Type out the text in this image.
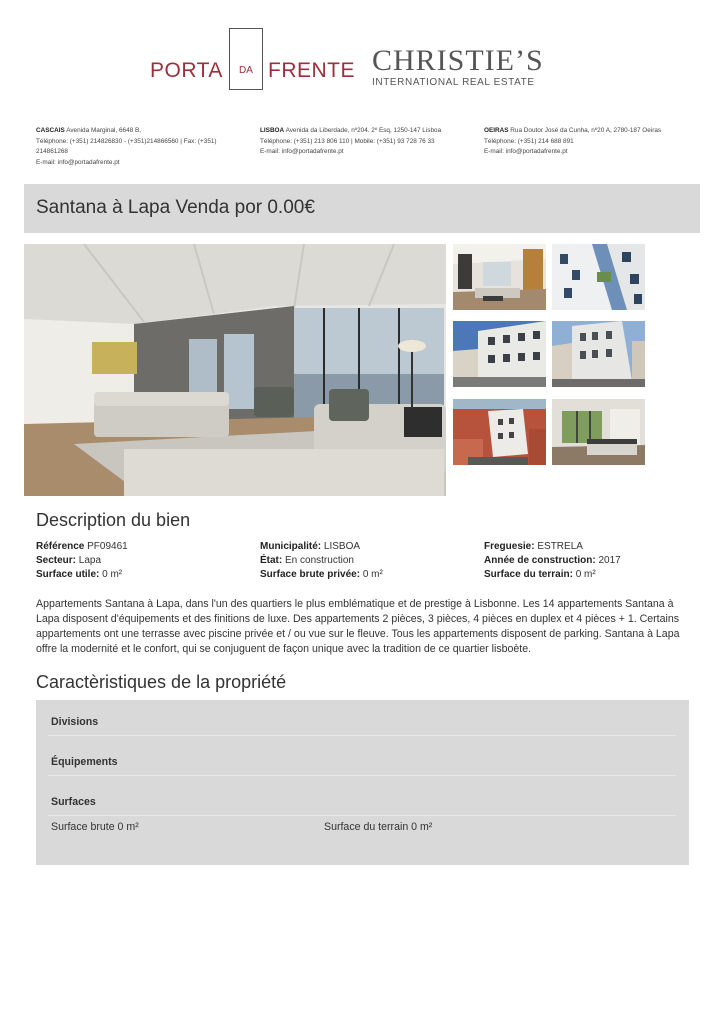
PORTA	DA FRENTE CHRISTIE’S
INTERNATIONAL REAL ESTATE
CASCAIS Avenida Marginal, 6648 B,
Téléphone: (+351) 214826830 - (+351)214866560 | Fax: (+351) 214861268
E-mail: info@portadafrente.pt
LISBOA Avenida da Liberdade, nº204. 2º Esq, 1250-147 Lisboa
Téléphone: (+351) 213 806 110 | Mobile: (+351) 93 728 76 33
E-mail: info@portadafrente.pt
OEIRAS Rua Doutor José da Cunha, nº20 A, 2780-187 Oeiras
Téléphone: (+351) 214 688 891
E-mail: info@portadafrente.pt
Santana à Lapa Venda por 0.00€
Description du bien
Référence PF09461
Secteur: Lapa
Surface utile: 0 m²
Municipalité: LISBOA
État: En construction
Surface brute privée: 0 m²
Freguesie: ESTRELA
Année de construction: 2017
Surface du terrain: 0 m²

Appartements Santana à Lapa, dans l'un des quartiers le plus emblématique et de prestige à Lisbonne. Les 14 appartements Santana à Lapa disposent d'équipements et des finitions de luxe. Des appartements 2 pièces, 3 pièces, 4 pièces en duplex et 4 pièces + 1. Certains appartements ont une terrasse avec piscine privée et / ou vue sur le fleuve. Tous les appartements disposent de parking. Santana à Lapa offre la modernité et le confort, qui se conjuguent de façon unique avec la tradition de ce quartier lisboète.

Caractèristiques de la propriété
Divisions
Équipements
Surfaces
Surface brute 0 m²	Surface du terrain 0 m²
